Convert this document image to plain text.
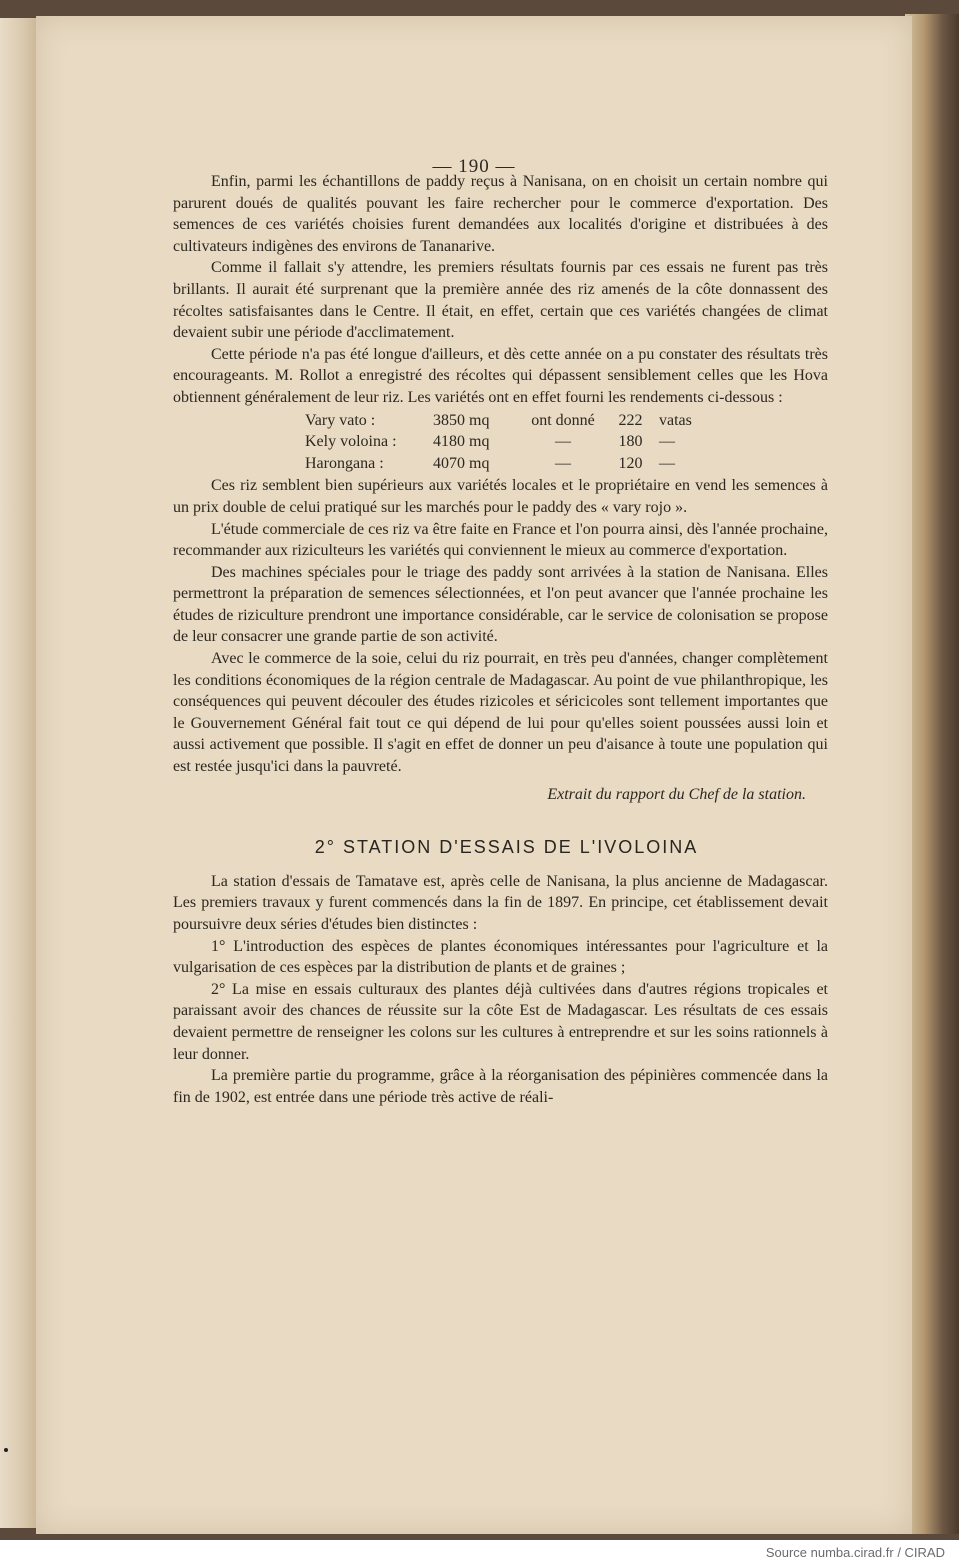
— 190 —

Enfin, parmi les échantillons de paddy reçus à Nanisana, on en choisit un certain nombre qui parurent doués de qualités pouvant les faire rechercher pour le commerce d'exportation. Des semences de ces variétés choisies furent demandées aux localités d'origine et distribuées à des cultivateurs indigènes des environs de Tananarive.

Comme il fallait s'y attendre, les premiers résultats fournis par ces essais ne furent pas très brillants. Il aurait été surprenant que la première année des riz amenés de la côte donnassent des récoltes satisfaisantes dans le Centre. Il était, en effet, certain que ces variétés changées de climat devaient subir une période d'acclimatement.

Cette période n'a pas été longue d'ailleurs, et dès cette année on a pu constater des résultats très encourageants. M. Rollot a enregistré des récoltes qui dépassent sensiblement celles que les Hova obtiennent généralement de leur riz. Les variétés ont en effet fourni les rendements ci-dessous :

Vary vato :	3850 mq	ont donné	222	vatas
Kely voloina :	4180 mq	—	180	—
Harongana :	4070 mq	—	120	—

Ces riz semblent bien supérieurs aux variétés locales et le propriétaire en vend les semences à un prix double de celui pratiqué sur les marchés pour le paddy des « vary rojo ».

L'étude commerciale de ces riz va être faite en France et l'on pourra ainsi, dès l'année prochaine, recommander aux riziculteurs les variétés qui conviennent le mieux au commerce d'exportation.

Des machines spéciales pour le triage des paddy sont arrivées à la station de Nanisana. Elles permettront la préparation de semences sélectionnées, et l'on peut avancer que l'année prochaine les études de riziculture prendront une importance considérable, car le service de colonisation se propose de leur consacrer une grande partie de son activité.

Avec le commerce de la soie, celui du riz pourrait, en très peu d'années, changer complètement les conditions économiques de la région centrale de Madagascar. Au point de vue philanthropique, les conséquences qui peuvent découler des études rizicoles et séricicoles sont tellement importantes que le Gouvernement Général fait tout ce qui dépend de lui pour qu'elles soient poussées aussi loin et aussi activement que possible. Il s'agit en effet de donner un peu d'aisance à toute une population qui est restée jusqu'ici dans la pauvreté.

Extrait du rapport du Chef de la station.
2° STATION D'ESSAIS DE L'IVOLOINA

La station d'essais de Tamatave est, après celle de Nanisana, la plus ancienne de Madagascar. Les premiers travaux y furent commencés dans la fin de 1897. En principe, cet établissement devait poursuivre deux séries d'études bien distinctes :

1° L'introduction des espèces de plantes économiques intéressantes pour l'agriculture et la vulgarisation de ces espèces par la distribution de plants et de graines ;

2° La mise en essais culturaux des plantes déjà cultivées dans d'autres régions tropicales et paraissant avoir des chances de réussite sur la côte Est de Madagascar. Les résultats de ces essais devaient permettre de renseigner les colons sur les cultures à entreprendre et sur les soins rationnels à leur donner.

La première partie du programme, grâce à la réorganisation des pépinières commencée dans la fin de 1902, est entrée dans une période très active de réali-

Source numba.cirad.fr / CIRAD
